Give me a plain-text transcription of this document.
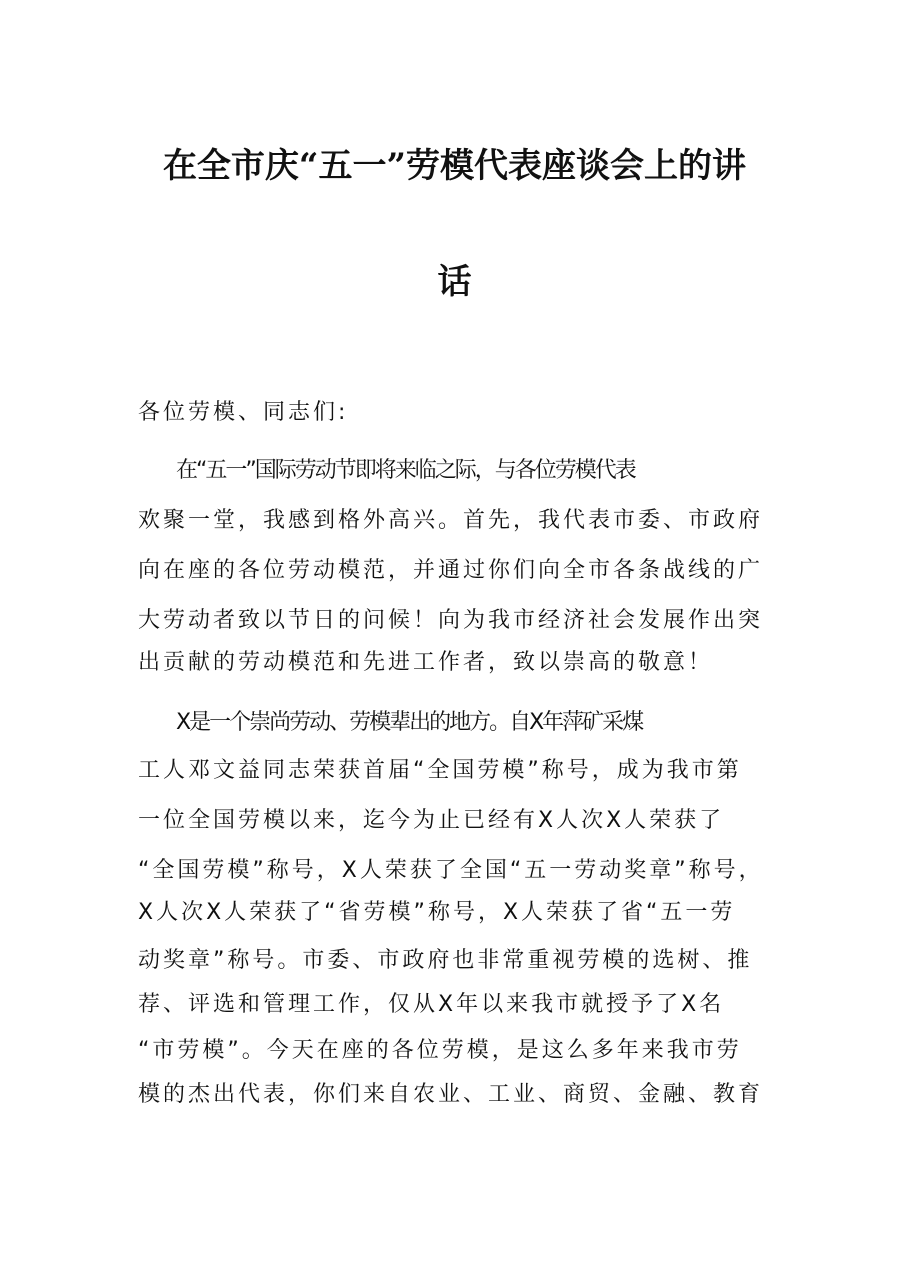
在全市庆“五一”劳模代表座谈会上的讲
话

各位劳模、同志们:

在“五一”国际劳动节即将来临之际，与各位劳模代表

欢聚一堂，我感到格外高兴。首先，我代表市委、市政府

向在座的各位劳动模范，并通过你们向全市各条战线的广

大劳动者致以节日的问候！向为我市经济社会发展作出突

出贡献的劳动模范和先进工作者，致以崇高的敬意！

X是一个崇尚劳动、劳模辈出的地方。自X年萍矿采煤

工人邓文益同志荣获首届“全国劳模”称号，成为我市第

一位全国劳模以来，迄今为止已经有X人次X人荣获了

“全国劳模”称号，X人荣获了全国“五一劳动奖章”称号，

X人次X人荣获了“省劳模”称号，X人荣获了省“五一劳

动奖章”称号。市委、市政府也非常重视劳模的选树、推

荐、评选和管理工作，仅从X年以来我市就授予了X名

“市劳模”。今天在座的各位劳模，是这么多年来我市劳

模的杰出代表，你们来自农业、工业、商贸、金融、教育
